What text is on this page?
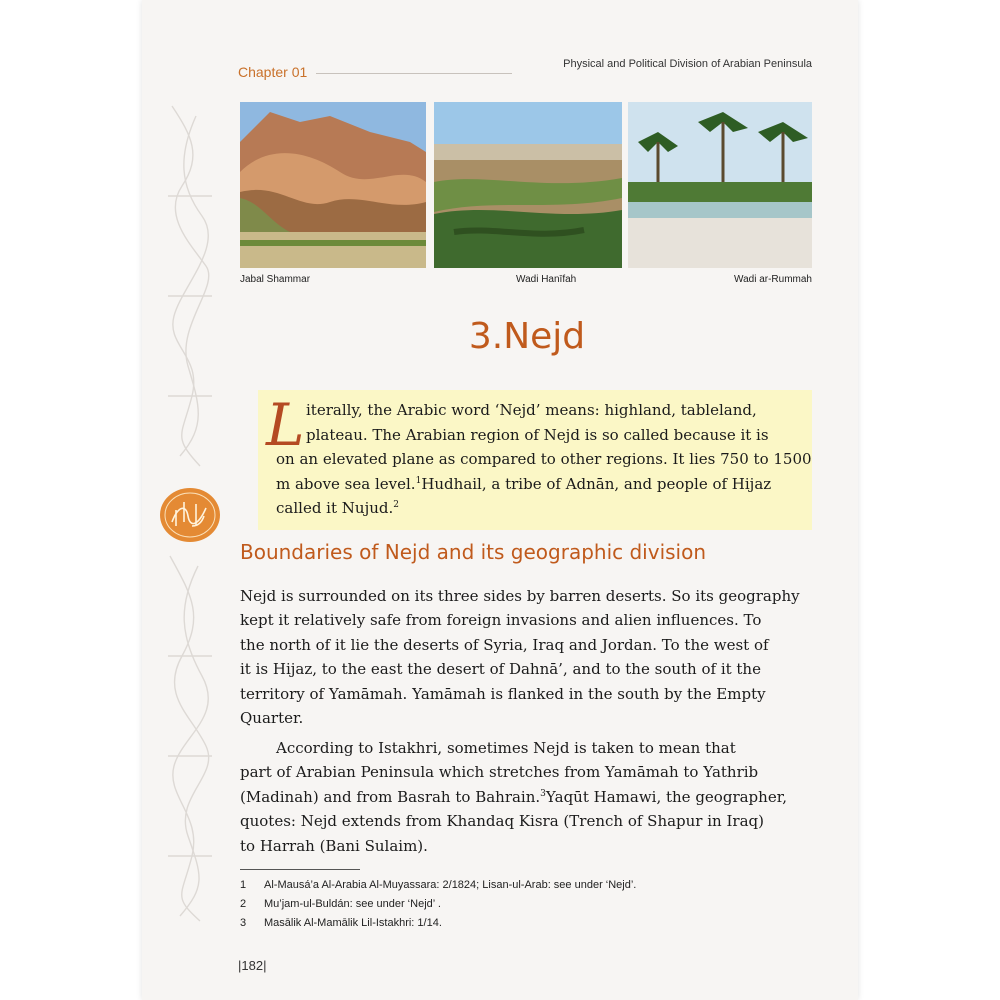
Chapter 01	Physical and Political Division of Arabian Peninsula
Jabal Shammar	Wadi Hanīfah	Wadi ar-Rummah
3.Nejd
L iterally, the Arabic word ‘Nejd’ means: highland, tableland,
plateau. The Arabian region of Nejd is so called because it is
on an elevated plane as compared to other regions. It lies 750 to 1500
m above sea level.$^1$Hudhail, a tribe of Adnān, and people of Hijaz
called it Nujud.$^2$

Boundaries of Nejd and its geographic division

Nejd is surrounded on its three sides by barren deserts. So its geography
kept it relatively safe from foreign invasions and alien influences. To
the north of it lie the deserts of Syria, Iraq and Jordan. To the west of
it is Hijaz, to the east the desert of Dahnā’, and to the south of it the
territory of Yamāmah. Yamāmah is flanked in the south by the Empty
Quarter.

According to Istakhri, sometimes Nejd is taken to mean that
part of Arabian Peninsula which stretches from Yamāmah to Yathrib
(Madinah) and from Basrah to Bahrain.$^3$Yaqūt Hamawi, the geographer,
quotes: Nejd extends from Khandaq Kisra (Trench of Shapur in Iraq)
to Harrah (Bani Sulaim).

1 Al-Mausá’a Al-Arabia Al-Muyassara: 2/1824; Lisan-ul-Arab: see under ‘Nejd’.
2 Mu’jam-ul-Buldán: see under ‘Nejd’ .
3 Masālik Al-Mamālik Lil-Istakhri: 1/14.
|182|
